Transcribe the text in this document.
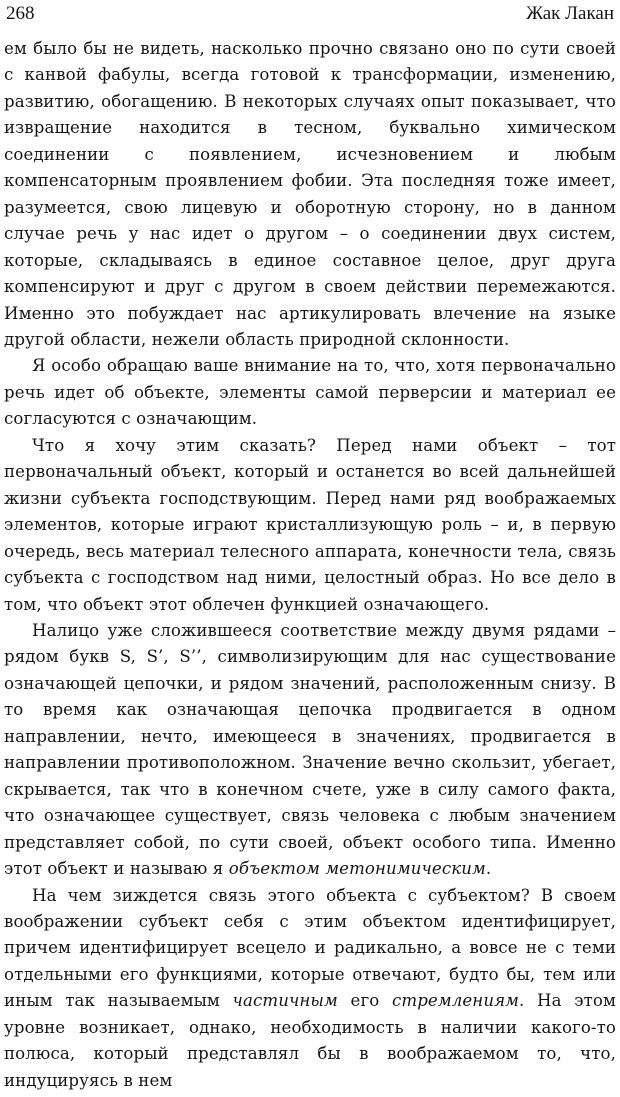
268	Жак Лакан

ем было бы не видеть, насколько прочно связано оно по сути своей с канвой фабулы, всегда готовой к трансформации, изменению, развитию, обогащению. В некоторых случаях опыт показывает, что извращение находится в тесном, буквально химическом соединении с появлением, исчезновением и любым компенсаторным проявлением фобии. Эта последняя тоже имеет, разумеется, свою лицевую и оборотную сторону, но в данном случае речь у нас идет о другом – о соединении двух систем, которые, складываясь в единое составное целое, друг друга компенсируют и друг с другом в своем действии перемежаются. Именно это побуждает нас артикулировать влечение на языке другой области, нежели область природной склонности.

Я особо обращаю ваше внимание на то, что, хотя первоначально речь идет об объекте, элементы самой перверсии и материал ее согласуются с означающим.

Что я хочу этим сказать? Перед нами объект – тот первоначальный объект, который и останется во всей дальнейшей жизни субъекта господствующим. Перед нами ряд воображаемых элементов, которые играют кристаллизующую роль – и, в первую очередь, весь материал телесного аппарата, конечности тела, связь субъекта с господством над ними, целостный образ. Но все дело в том, что объект этот облечен функцией означающего.

Налицо уже сложившееся соответствие между двумя рядами – рядом букв S, S’, S’’, символизирующим для нас существование означающей цепочки, и рядом значений, расположенным снизу. В то время как означающая цепочка продвигается в одном направлении, нечто, имеющееся в значениях, продвигается в направлении противоположном. Значение вечно скользит, убегает, скрывается, так что в конечном счете, уже в силу самого факта, что означающее существует, связь человека с любым значением представляет собой, по сути своей, объект особого типа. Именно этот объект и называю я объектом метонимическим.

На чем зиждется связь этого объекта с субъектом? В своем воображении субъект себя с этим объектом идентифицирует, причем идентифицирует всецело и радикально, а вовсе не с теми отдельными его функциями, которые отвечают, будто бы, тем или иным так называемым частичным его стремлениям. На этом уровне возникает, однако, необходимость в наличии какого-то полюса, который представлял бы в воображаемом то, что, индуцируясь в нем
